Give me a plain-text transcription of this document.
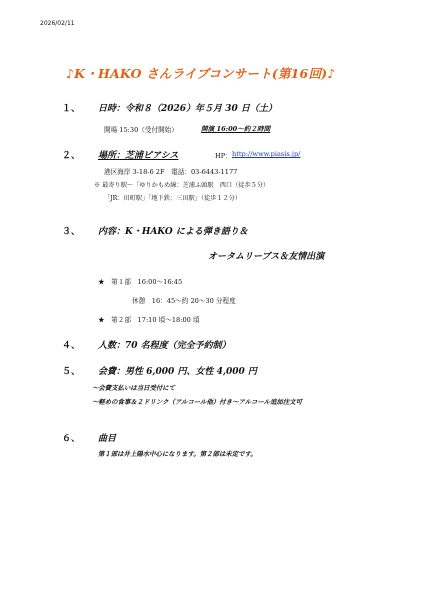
2026/02/11
♪K・HAKO さんライブコンサート(第16回)♪
１、 日時：令和８（2026）年５月 30 日（土）
開場 15:30（受付開始）	開演 16:00～約２時間
２、 場所：芝浦ピアシス	HP： http://www.piasis.jp/
港区海岸 3-18-6 2F　電話：03-6443-1177
※ 最寄り駅～「ゆりかもめ線：芝浦ふ頭駅　西口（徒歩５分）
「JR：田町駅」「地下鉄：三田駅」（徒歩１２分）
３、 内容：K・HAKO による弾き語り＆
オータムリーブス＆友情出演
★　第１部　16:00～16:45
休憩　16：45～約 20～30 分程度
★　第２部　17:10 頃～18:00 頃
４、 人数：70 名程度（完全予約制）
５、 会費：男性 6,000 円、女性 4,000 円
～会費支払いは当日受付にて
～軽めの食事＆２ドリンク（アルコール他）付き～アルコール追加注文可
６、 曲目
第１部は井上陽水中心になります。第２部は未定です。
